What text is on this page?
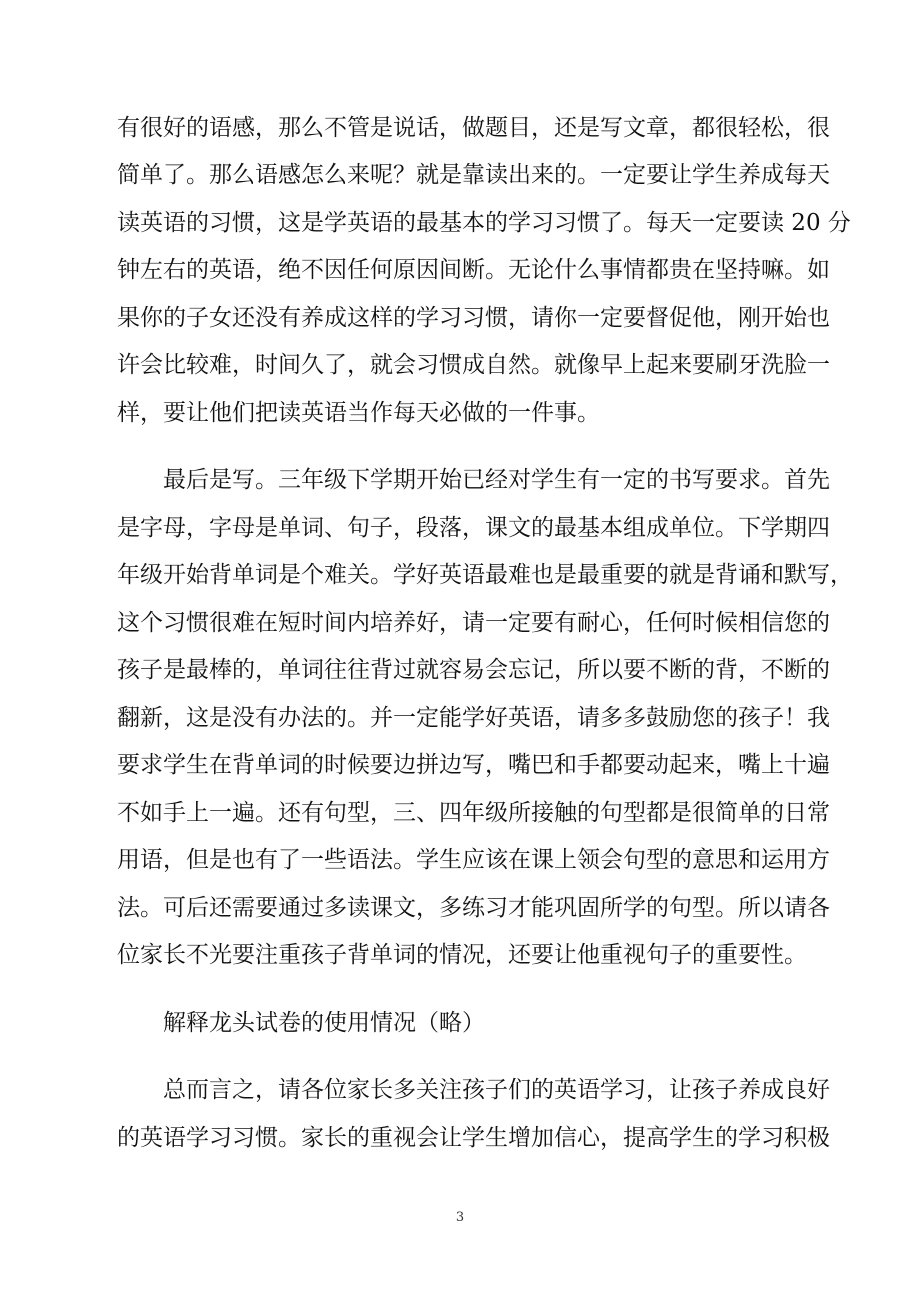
有很好的语感，那么不管是说话，做题目，还是写文章，都很轻松，很
简单了。那么语感怎么来呢？就是靠读出来的。一定要让学生养成每天
读英语的习惯，这是学英语的最基本的学习习惯了。每天一定要读 20 分
钟左右的英语，绝不因任何原因间断。无论什么事情都贵在坚持嘛。如
果你的子女还没有养成这样的学习习惯，请你一定要督促他，刚开始也
许会比较难，时间久了，就会习惯成自然。就像早上起来要刷牙洗脸一
样，要让他们把读英语当作每天必做的一件事。
最后是写。三年级下学期开始已经对学生有一定的书写要求。首先
是字母，字母是单词、句子，段落，课文的最基本组成单位。下学期四
年级开始背单词是个难关。学好英语最难也是最重要的就是背诵和默写，
这个习惯很难在短时间内培养好，请一定要有耐心，任何时候相信您的
孩子是最棒的，单词往往背过就容易会忘记，所以要不断的背，不断的
翻新，这是没有办法的。并一定能学好英语，请多多鼓励您的孩子！我
要求学生在背单词的时候要边拼边写，嘴巴和手都要动起来，嘴上十遍
不如手上一遍。还有句型，三、四年级所接触的句型都是很简单的日常
用语，但是也有了一些语法。学生应该在课上领会句型的意思和运用方
法。可后还需要通过多读课文，多练习才能巩固所学的句型。所以请各
位家长不光要注重孩子背单词的情况，还要让他重视句子的重要性。
解释龙头试卷的使用情况（略）
总而言之，请各位家长多关注孩子们的英语学习，让孩子养成良好
的英语学习习惯。家长的重视会让学生增加信心，提高学生的学习积极
3
